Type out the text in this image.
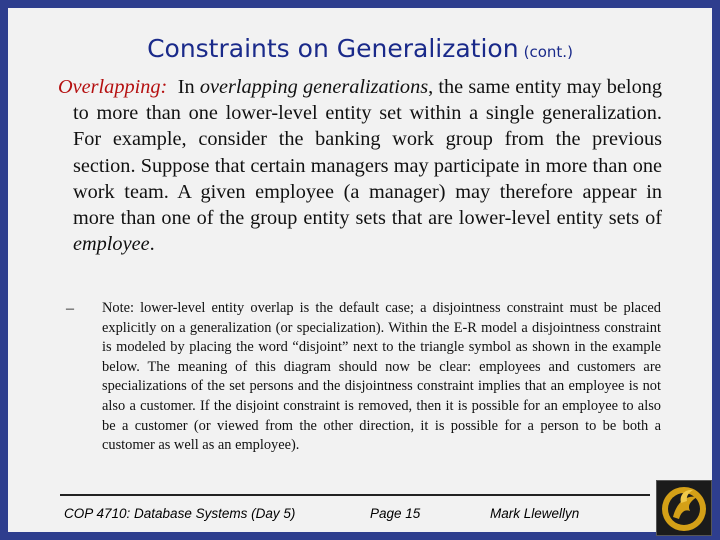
Constraints on Generalization (cont.)
Overlapping: In overlapping generalizations, the same entity may belong to more than one lower-level entity set within a single generalization. For example, consider the banking work group from the previous section. Suppose that certain managers may participate in more than one work team. A given employee (a manager) may therefore appear in more than one of the group entity sets that are lower-level entity sets of employee.
– Note: lower-level entity overlap is the default case; a disjointness constraint must be placed explicitly on a generalization (or specialization). Within the E-R model a disjointness constraint is modeled by placing the word “disjoint” next to the triangle symbol as shown in the example below. The meaning of this diagram should now be clear: employees and customers are specializations of the set persons and the disjointness constraint implies that an employee is not also a customer. If the disjoint constraint is removed, then it is possible for an employee to also be a customer (or viewed from the other direction, it is possible for a person to be both a customer as well as an employee).
COP 4710: Database Systems (Day 5)	Page 15	Mark Llewellyn
